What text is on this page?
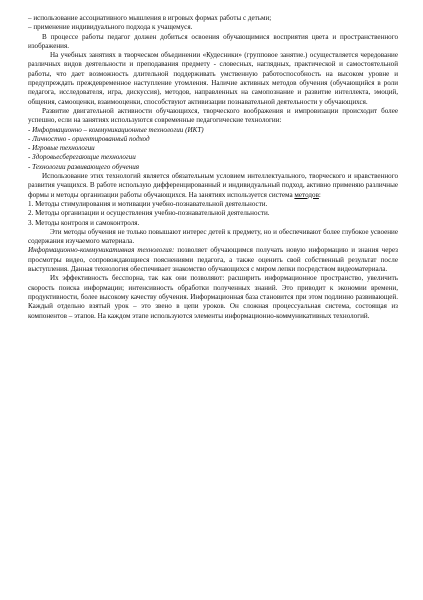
– использование ассоциативного мышления в игровых формах работы с детьми;

– применение индивидуального подхода к учащемуся.

В процессе работы педагог должен добиться освоения обучающимися восприятия цвета и пространственного изображения.

На учебных занятиях в творческом объединении «Кудесники» (групповое занятие.) осуществляется чередование различных видов деятельности и преподавания предмету - словесных, наглядных, практической и самостоятельной работы, что дает возможность длительной поддерживать умственную работоспособность на высоком уровне и предупреждать преждевременное наступление утомления. Наличие активных методов обучения (обучающийся в роли педагога, исследователя, игра, дискуссия), методов, направленных на самопознание и развитие интеллекта, эмоций, общения, самооценки, взаимооценки, способствуют активизации познавательной деятельности у обучающихся.

Развитие двигательной активности обучающихся, творческого воображения и импровизации происходит более успешно, если на занятиях используются современные педагогические технологии:

- Информационно – коммуникационные технологии (ИКТ)

- Личностно - ориентированный подход

- Игровые технологии

- Здоровьесберегающие технологии

- Технологии развивающего обучения

Использование этих технологий является обязательным условием интеллектуального, творческого и нравственного развития учащихся. В работе использую дифференцированный и индивидуальный подход, активно применяю различные формы и методы организации работы обучающихся. На занятиях используется система методов:

1. Методы стимулирования и мотивации учебно-познавательной деятельности.

2. Методы организации и осуществления учебно-познавательной деятельности.

3. Методы контроля и самоконтроля.

Эти методы обучения не только повышают интерес детей к предмету, но и обеспечивают более глубокое усвоение содержания изучаемого материала.

Информационно-коммуникативная технология: позволяет обучающимся получать новую информацию и знания через просмотры видео, сопровождающиеся пояснениями педагога, а также оценить свой собственный результат после выступления. Данная технология обеспечивает знакомство обучающихся с миром лепки посредством видеоматериала.

Их эффективность бесспорна, так как они позволяют: расширить информационное пространство, увеличить скорость поиска информации; интенсивность обработки полученных знаний. Это приводит к экономии времени, продуктивности, более высокому качеству обучения. Информационная база становится при этом подлинно развивающей. Каждый отдельно взятый урок – это звено в цепи уроков. Он сложная процессуальная система, состоящая из компонентов – этапов. На каждом этапе используются элементы информационно-коммуникативных технологий.
